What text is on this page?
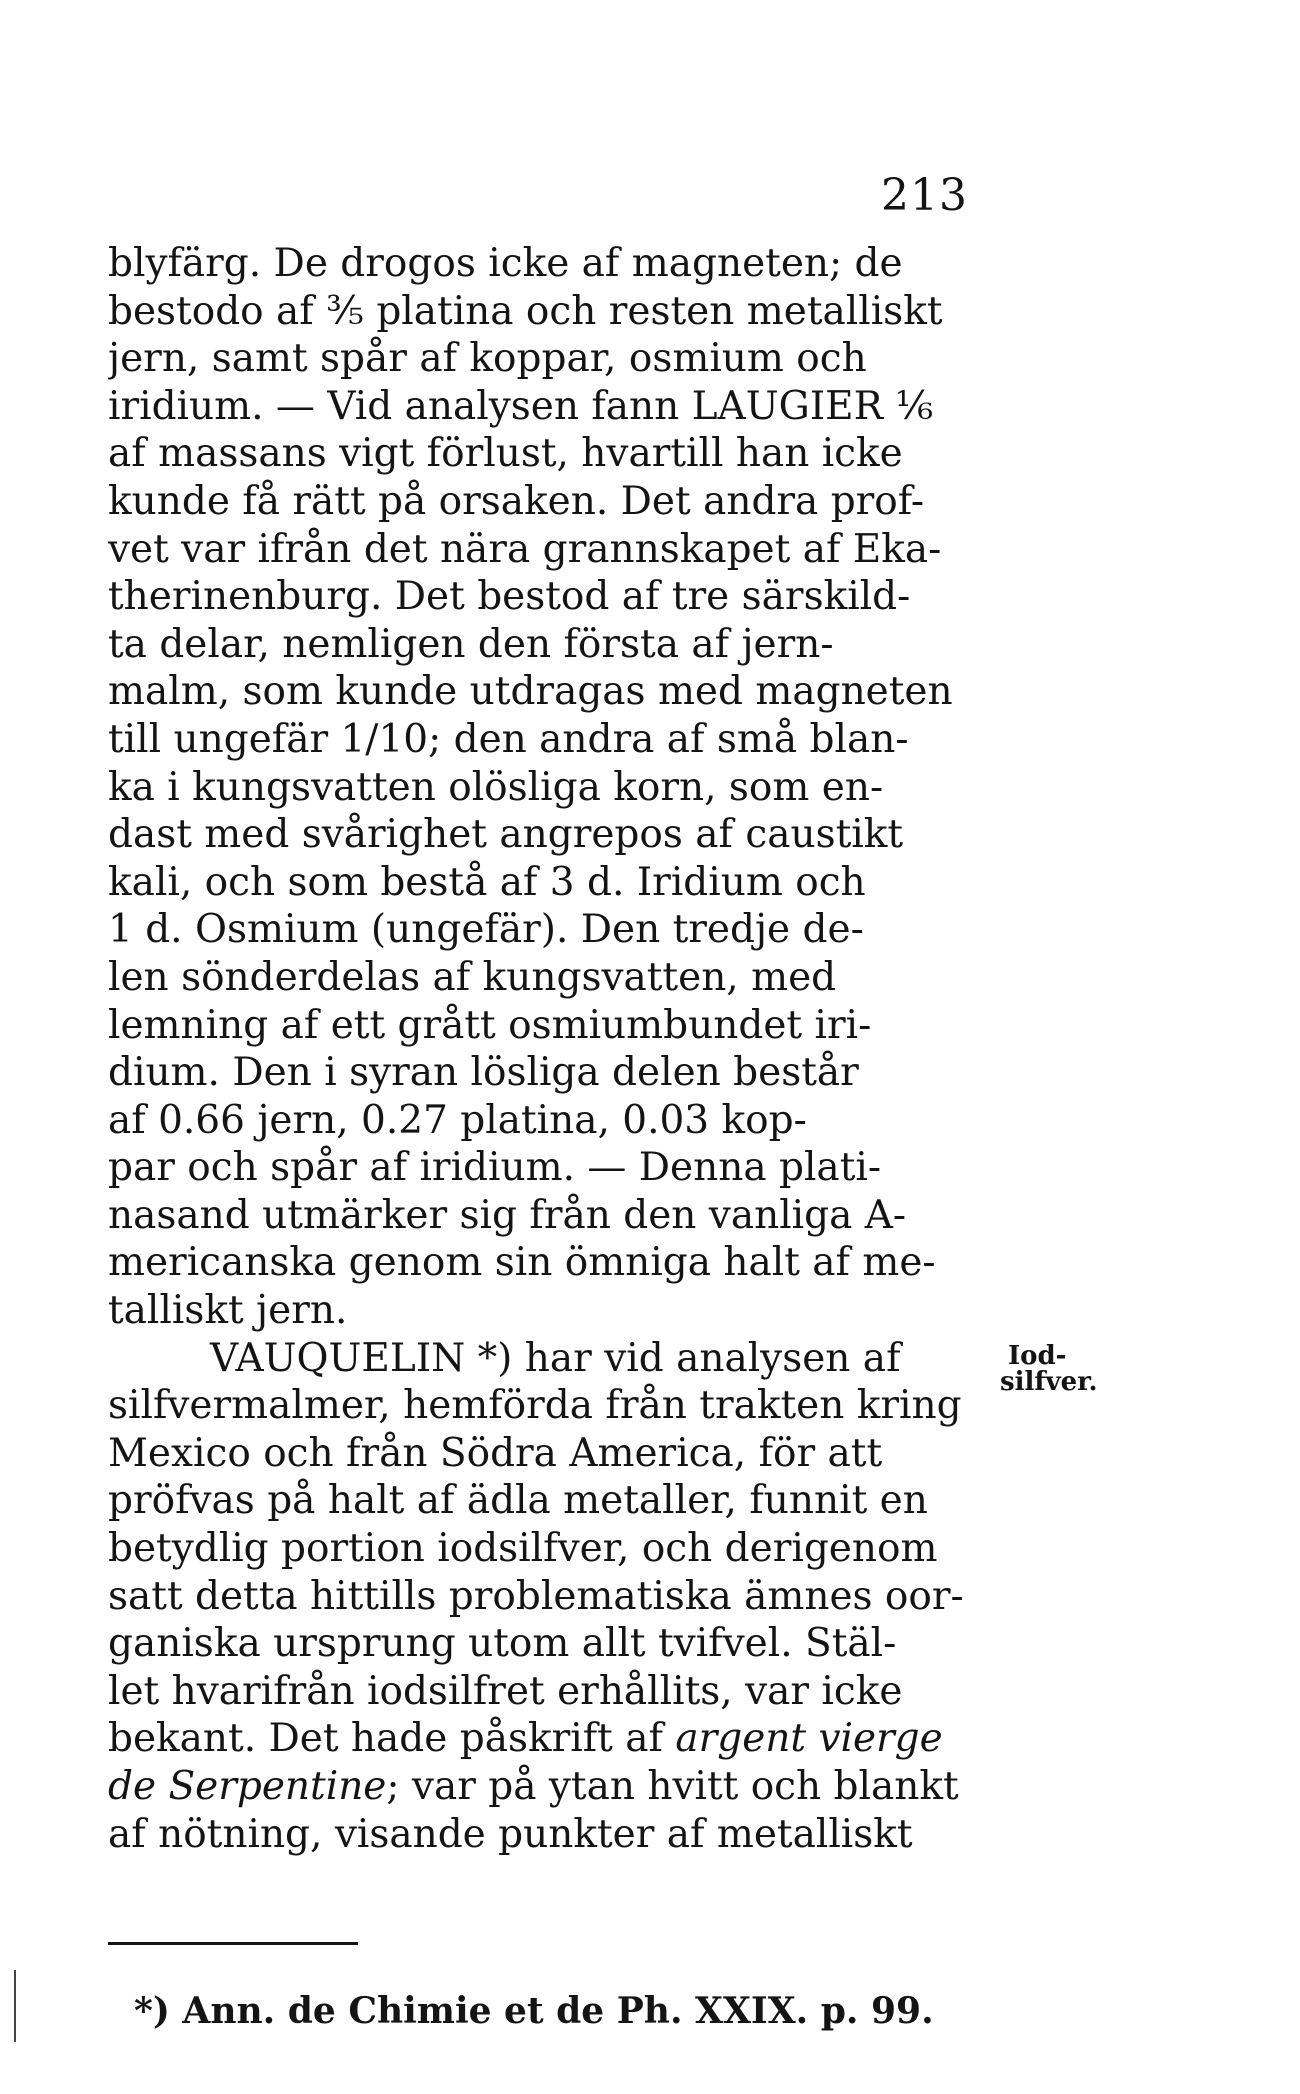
213
blyfärg. De drogos icke af magneten; de
bestodo af ⅗ platina och resten metalliskt
jern, samt spår af koppar, osmium och
iridium. — Vid analysen fann LAUGIER ⅙
af massans vigt förlust, hvartill han icke
kunde få rätt på orsaken. Det andra prof-
vet var ifrån det nära grannskapet af Eka-
therinenburg. Det bestod af tre särskild-
ta delar, nemligen den första af jern-
malm, som kunde utdragas med magneten
till ungefär 1/10; den andra af små blan-
ka i kungsvatten olösliga korn, som en-
dast med svårighet angrepos af caustikt
kali, och som bestå af 3 d. Iridium och
1 d. Osmium (ungefär). Den tredje de-
len sönderdelas af kungsvatten, med
lemning af ett grått osmiumbundet iri-
dium. Den i syran lösliga delen består
af 0.66 jern, 0.27 platina, 0.03 kop-
par och spår af iridium. — Denna plati-
nasand utmärker sig från den vanliga A-
mericanska genom sin ömniga halt af me-
talliskt jern.
VAUQUELIN *) har vid analysen af
silfvermalmer, hemförda från trakten kring
Mexico och från Södra America, för att
pröfvas på halt af ädla metaller, funnit en
betydlig portion iodsilfver, och derigenom
satt detta hittills problematiska ämnes oor-
ganiska ursprung utom allt tvifvel. Stäl-
let hvarifrån iodsilfret erhållits, var icke
bekant. Det hade påskrift af argent vierge
de Serpentine; var på ytan hvitt och blankt
af nötning, visande punkter af metalliskt
Iod-
silfver.
*) Ann. de Chimie et de Ph. XXIX. p. 99.
